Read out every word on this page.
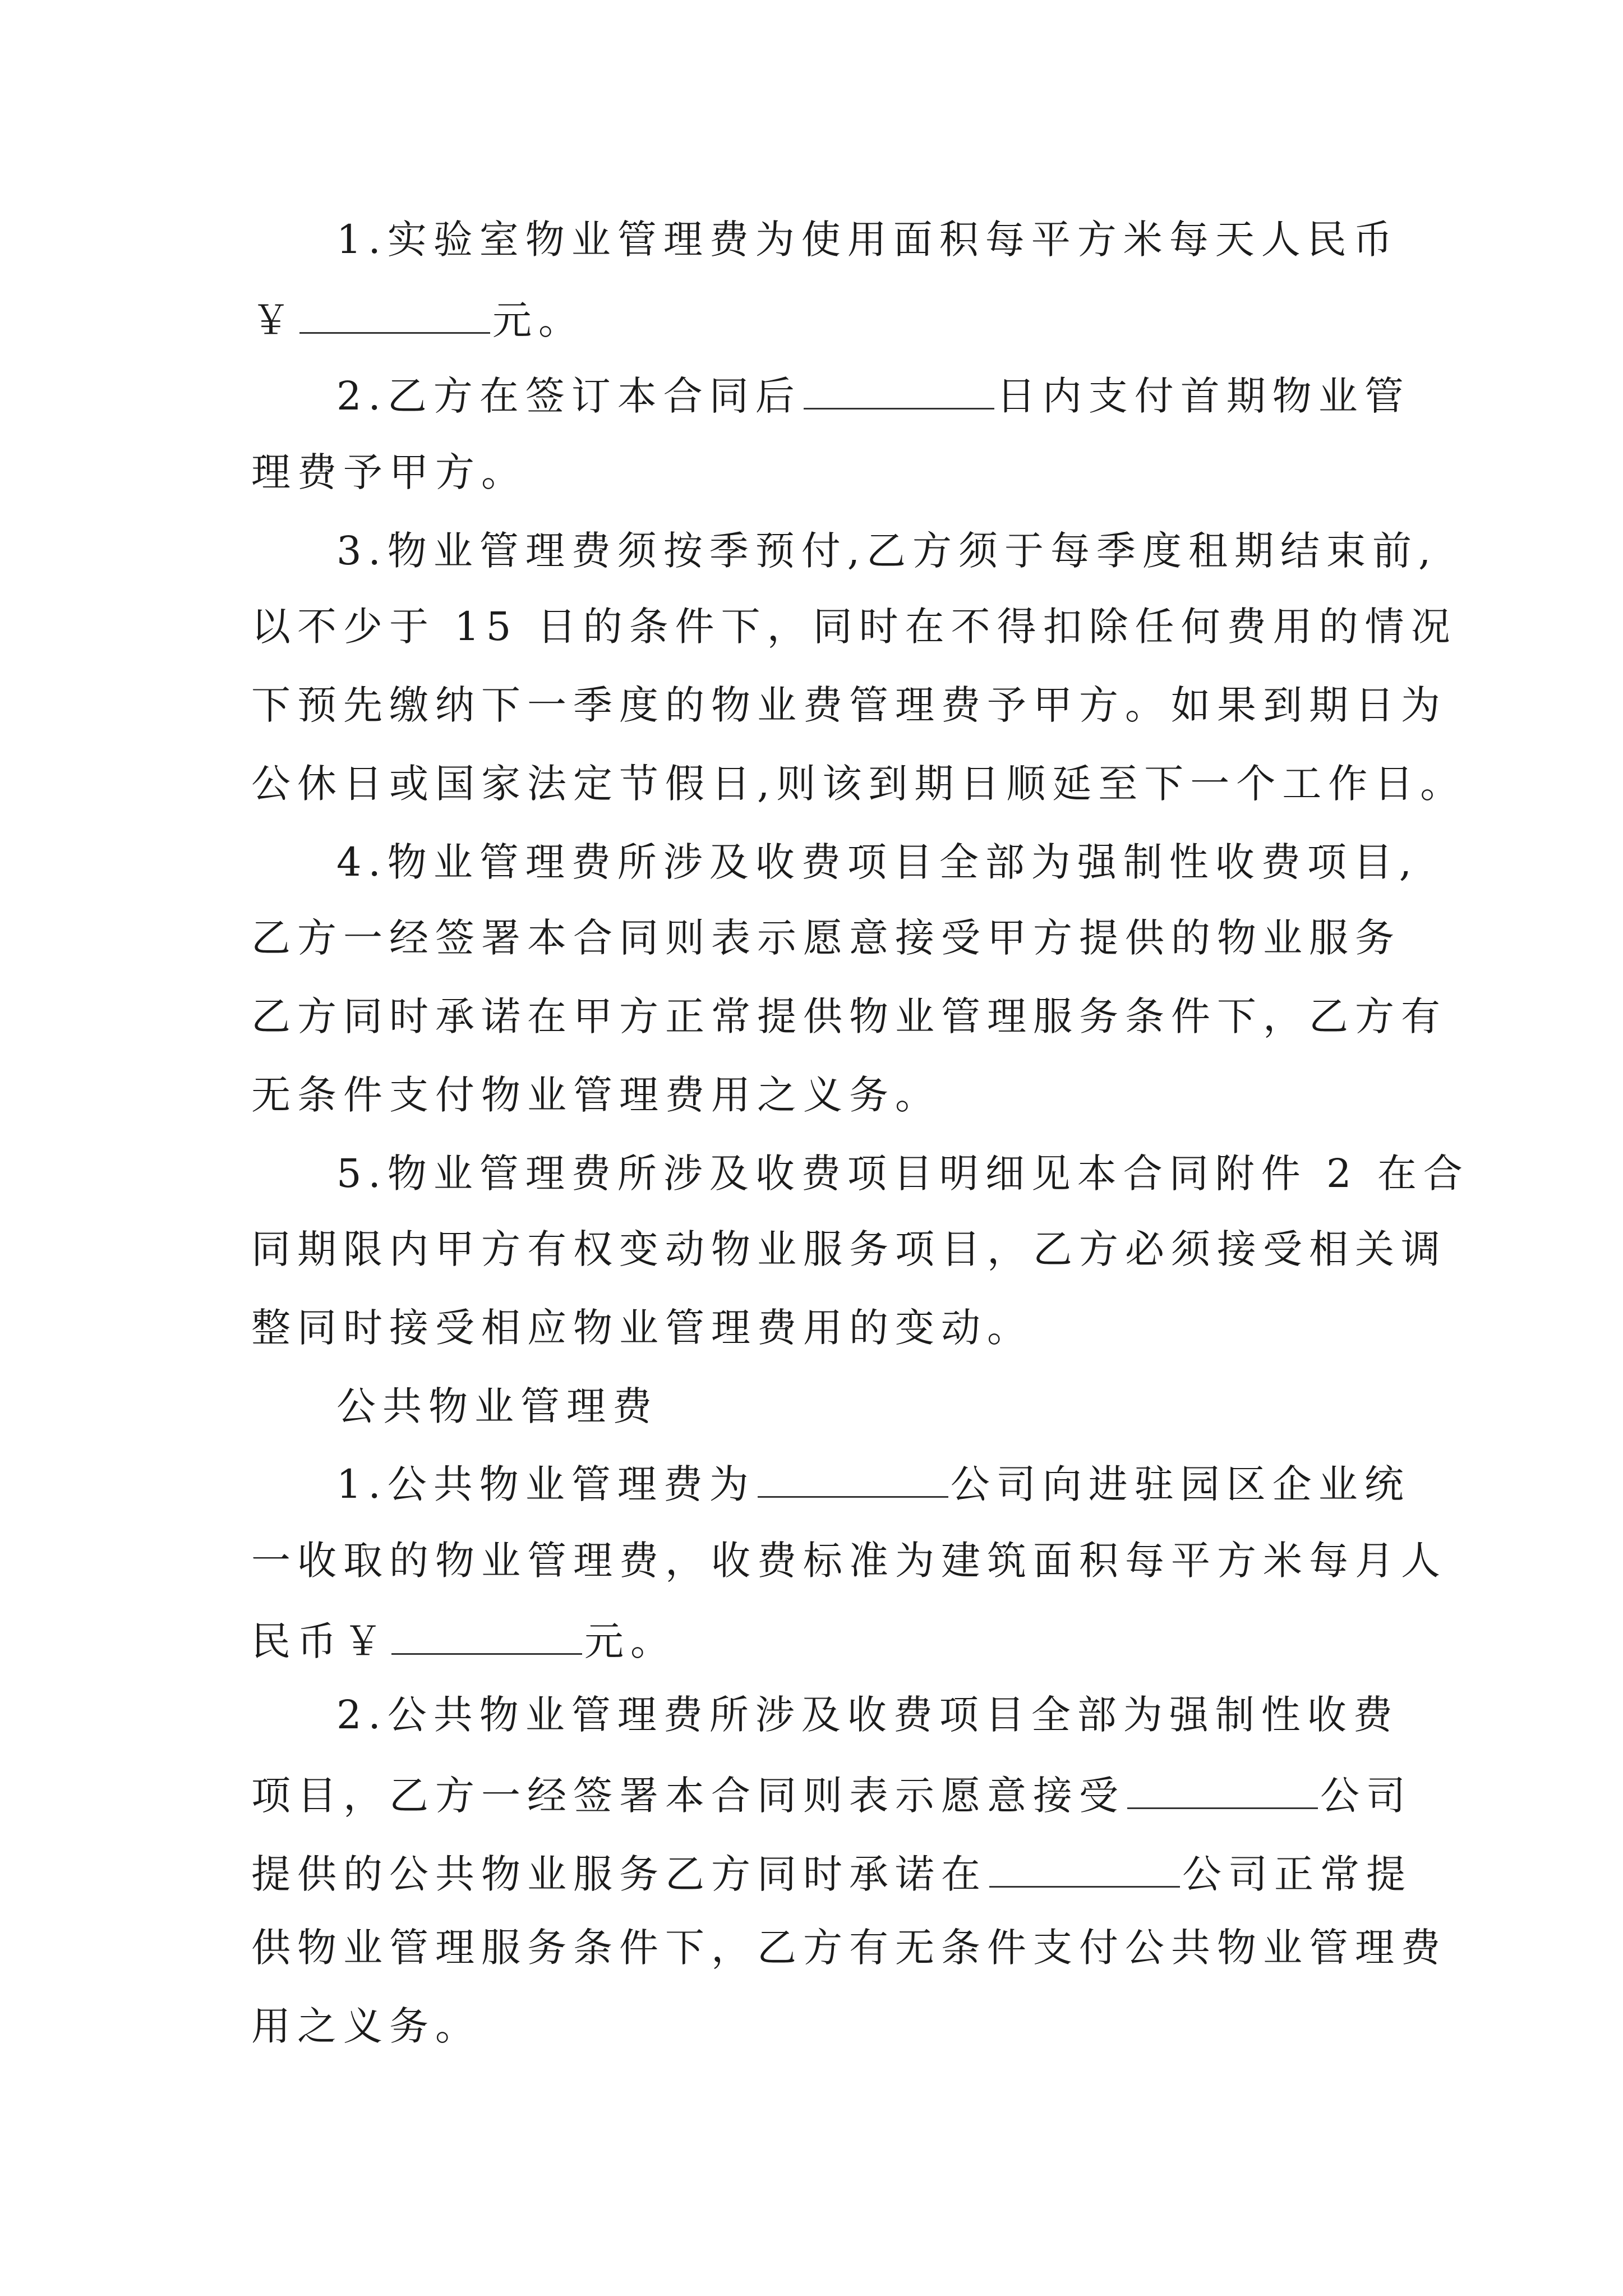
1.实验室物业管理费为使用面积每平方米每天人民币
￥	元。
2.乙方在签订本合同后	日内支付首期物业管
理费予甲方。
3.物业管理费须按季预付,乙方须于每季度租期结束前,
以不少于 15 日的条件下，同时在不得扣除任何费用的情况
下预先缴纳下一季度的物业费管理费予甲方。如果到期日为
公休日或国家法定节假日,则该到期日顺延至下一个工作日。
4.物业管理费所涉及收费项目全部为强制性收费项目,
乙方一经签署本合同则表示愿意接受甲方提供的物业服务
乙方同时承诺在甲方正常提供物业管理服务条件下，乙方有
无条件支付物业管理费用之义务。
5.物业管理费所涉及收费项目明细见本合同附件 2 在合
同期限内甲方有权变动物业服务项目，乙方必须接受相关调
整同时接受相应物业管理费用的变动。
公共物业管理费
1.公共物业管理费为	公司向进驻园区企业统
一收取的物业管理费，收费标准为建筑面积每平方米每月人
民币￥	元。
2.公共物业管理费所涉及收费项目全部为强制性收费
项目，乙方一经签署本合同则表示愿意接受	公司
提供的公共物业服务乙方同时承诺在	公司正常提
供物业管理服务条件下，乙方有无条件支付公共物业管理费
用之义务。
